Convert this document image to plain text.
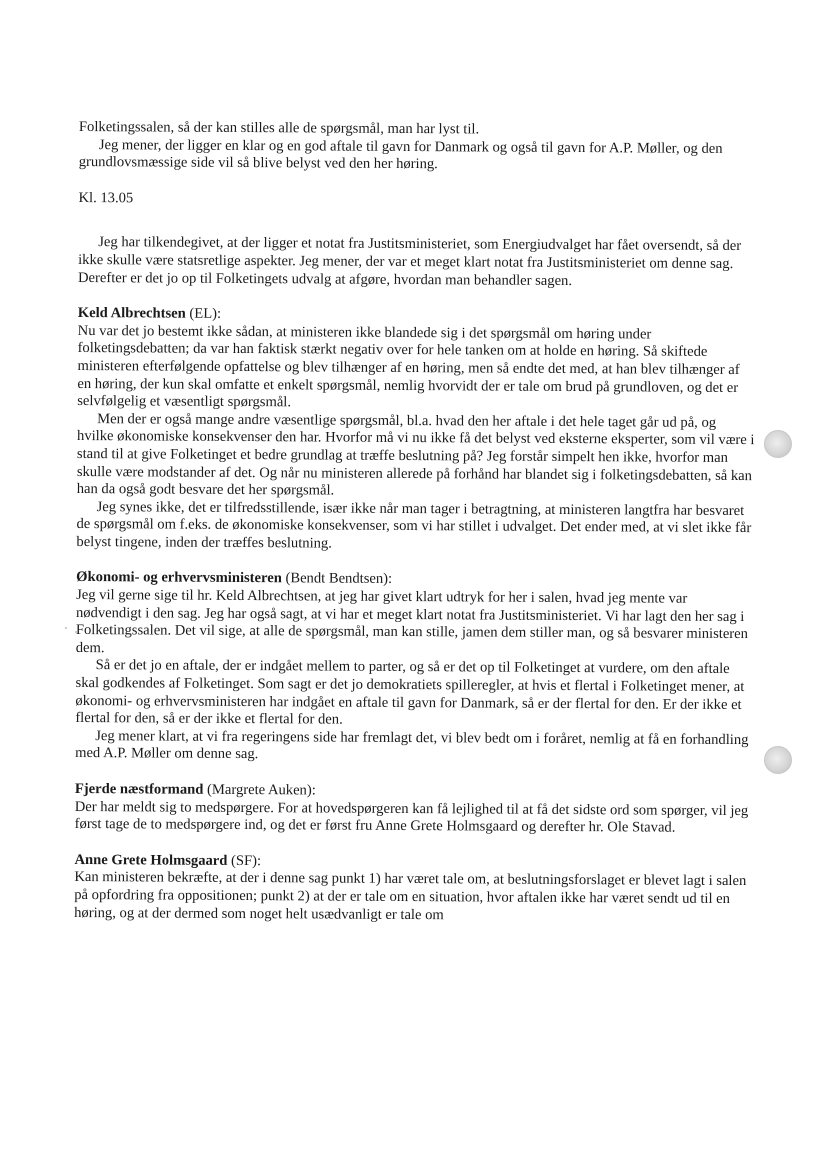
Folketingssalen, så der kan stilles alle de spørgsmål, man har lyst til.

Jeg mener, der ligger en klar og en god aftale til gavn for Danmark og også til gavn for A.P. Møller, og den grundlovsmæssige side vil så blive belyst ved den her høring.

Kl. 13.05

Jeg har tilkendegivet, at der ligger et notat fra Justitsministeriet, som Energiudvalget har fået oversendt, så der ikke skulle være statsretlige aspekter. Jeg mener, der var et meget klart notat fra Justitsministeriet om denne sag. Derefter er det jo op til Folketingets udvalg at afgøre, hvordan man behandler sagen.

Keld Albrechtsen (EL):

Nu var det jo bestemt ikke sådan, at ministeren ikke blandede sig i det spørgsmål om høring under folketingsdebatten; da var han faktisk stærkt negativ over for hele tanken om at holde en høring. Så skiftede ministeren efterfølgende opfattelse og blev tilhænger af en høring, men så endte det med, at han blev tilhænger af en høring, der kun skal omfatte et enkelt spørgsmål, nemlig hvorvidt der er tale om brud på grundloven, og det er selvfølgelig et væsentligt spørgsmål.

Men der er også mange andre væsentlige spørgsmål, bl.a. hvad den her aftale i det hele taget går ud på, og hvilke økonomiske konsekvenser den har. Hvorfor må vi nu ikke få det belyst ved eksterne eksperter, som vil være i stand til at give Folketinget et bedre grundlag at træffe beslutning på? Jeg forstår simpelt hen ikke, hvorfor man skulle være modstander af det. Og når nu ministeren allerede på forhånd har blandet sig i folketingsdebatten, så kan han da også godt besvare det her spørgsmål.

Jeg synes ikke, det er tilfredsstillende, især ikke når man tager i betragtning, at ministeren langtfra har besvaret de spørgsmål om f.eks. de økonomiske konsekvenser, som vi har stillet i udvalget. Det ender med, at vi slet ikke får belyst tingene, inden der træffes beslutning.

Økonomi- og erhvervsministeren (Bendt Bendtsen):

Jeg vil gerne sige til hr. Keld Albrechtsen, at jeg har givet klart udtryk for her i salen, hvad jeg mente var nødvendigt i den sag. Jeg har også sagt, at vi har et meget klart notat fra Justitsministeriet. Vi har lagt den her sag i Folketingssalen. Det vil sige, at alle de spørgsmål, man kan stille, jamen dem stiller man, og så besvarer ministeren dem.

Så er det jo en aftale, der er indgået mellem to parter, og så er det op til Folketinget at vurdere, om den aftale skal godkendes af Folketinget. Som sagt er det jo demokratiets spilleregler, at hvis et flertal i Folketinget mener, at økonomi- og erhvervsministeren har indgået en aftale til gavn for Danmark, så er der flertal for den. Er der ikke et flertal for den, så er der ikke et flertal for den.

Jeg mener klart, at vi fra regeringens side har fremlagt det, vi blev bedt om i foråret, nemlig at få en forhandling med A.P. Møller om denne sag.

Fjerde næstformand (Margrete Auken):

Der har meldt sig to medspørgere. For at hovedspørgeren kan få lejlighed til at få det sidste ord som spørger, vil jeg først tage de to medspørgere ind, og det er først fru Anne Grete Holmsgaard og derefter hr. Ole Stavad.

Anne Grete Holmsgaard (SF):

Kan ministeren bekræfte, at der i denne sag punkt 1) har været tale om, at beslutningsforslaget er blevet lagt i salen på opfordring fra oppositionen; punkt 2) at der er tale om en situation, hvor aftalen ikke har været sendt ud til en høring, og at der dermed som noget helt usædvanligt er tale om
